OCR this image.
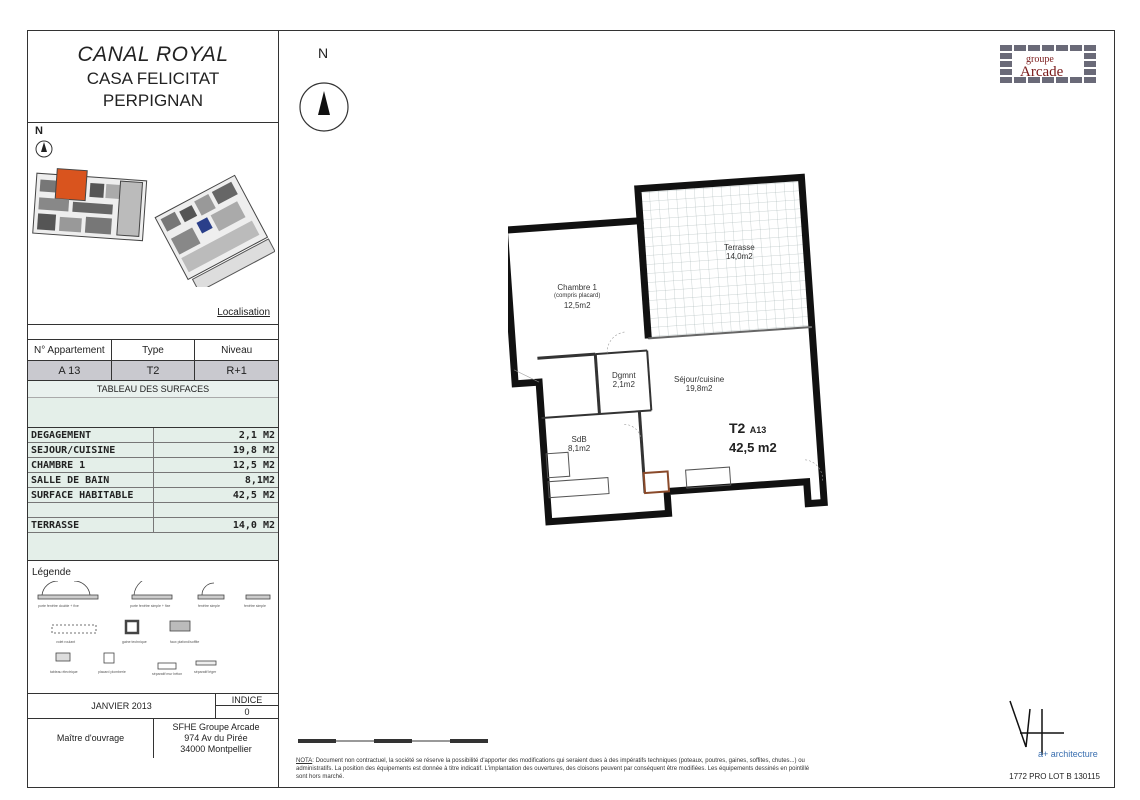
CANAL ROYAL
CASA FELICITAT
PERPIGNAN
N
Localisation
N° Appartement	Type	Niveau
A 13	T2	R+1
TABLEAU DES SURFACES
DEGAGEMENT	2,1 M2
SEJOUR/CUISINE	19,8 M2
CHAMBRE 1	12,5 M2
SALLE DE BAIN	8,1M2
SURFACE HABITABLE	42,5 M2
TERRASSE	14,0 M2
Légende
porte fenêtre double + fixe	porte fenêtre simple + fixe	fenêtre simple	fenêtre simple
volet roulant	gaine technique	faux plafond/soffite
tableau électrique	placard plomberie	séparatif mur béton	séparatif léger
JANVIER 2013
INDICE
0
Maître d'ouvrage
SFHE Groupe Arcade
974 Av du Pirée
34000 Montpellier
N	groupe
Arcade
Terrasse
14,0m2
Chambre 1
(compris placard)
12,5m2
Dgmnt
2,1m2
Séjour/cuisine
19,8m2
SdB
8,1m2
NOTA: Document non contractuel, la société se réserve la possibilité d'apporter des modifications qui seraient dues à des impératifs techniques (poteaux, poutres, gaines, soffites, chutes...) ou administratifs. La position des équipements est donnée à titre indicatif. L'implantation des ouvertures, des cloisons peuvent par conséquent être modifiées. Les équipements dessinés en pointillé sont hors marché.
a+ architecture
1772 PRO LOT B 130115
T2 A13
42,5 m2
